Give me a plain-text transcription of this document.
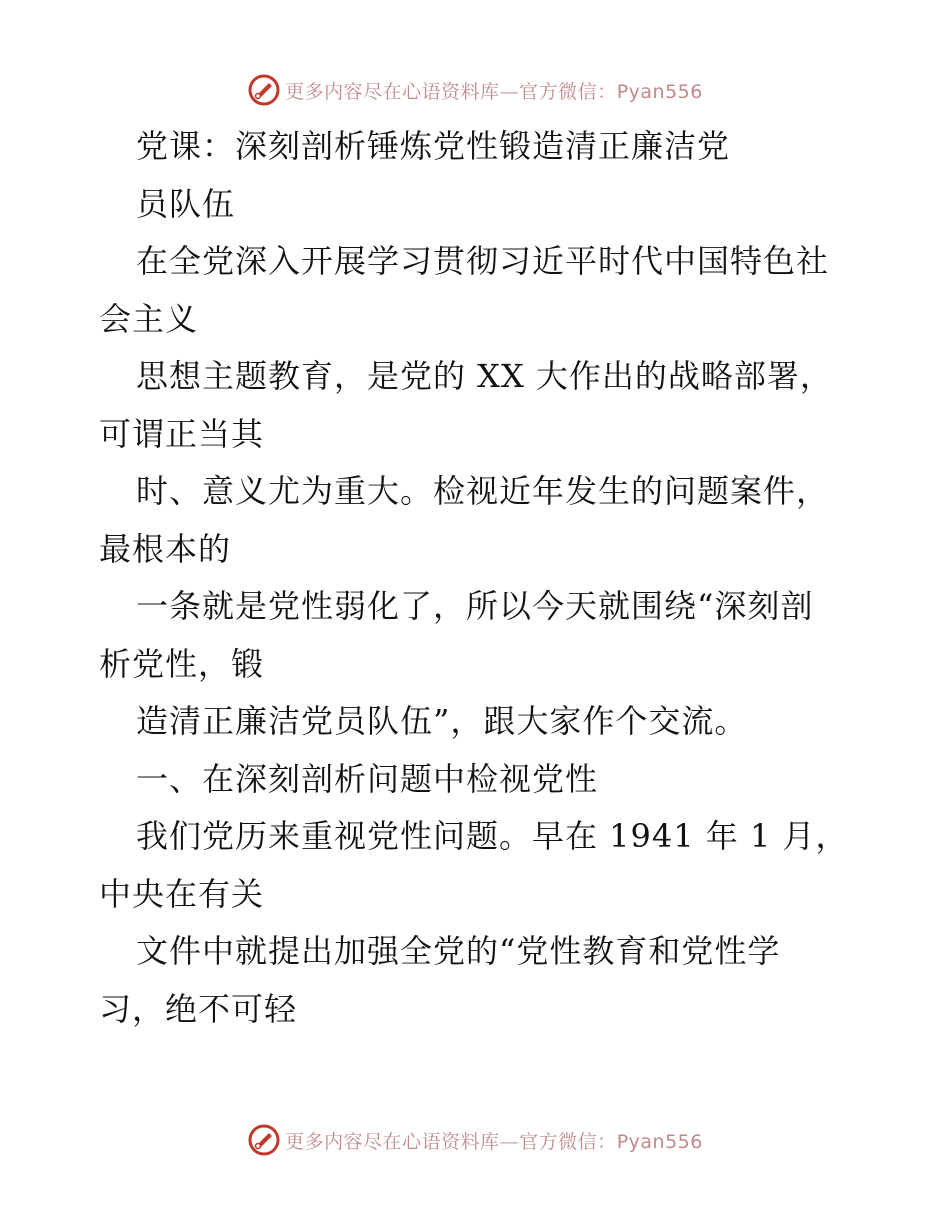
更多内容尽在心语资料库—官方微信：Pyan556
党课：深刻剖析锤炼党性锻造清正廉洁党
员队伍
在全党深入开展学习贯彻习近平时代中国特色社
会主义
思想主题教育，是党的 XX 大作出的战略部署，
可谓正当其
时、意义尤为重大。检视近年发生的问题案件，
最根本的
一条就是党性弱化了，所以今天就围绕“深刻剖
析党性，锻
造清正廉洁党员队伍”，跟大家作个交流。
一、在深刻剖析问题中检视党性
我们党历来重视党性问题。早在 1941 年 1 月，
中央在有关
文件中就提出加强全党的“党性教育和党性学
习，绝不可轻
更多内容尽在心语资料库—官方微信：Pyan556
